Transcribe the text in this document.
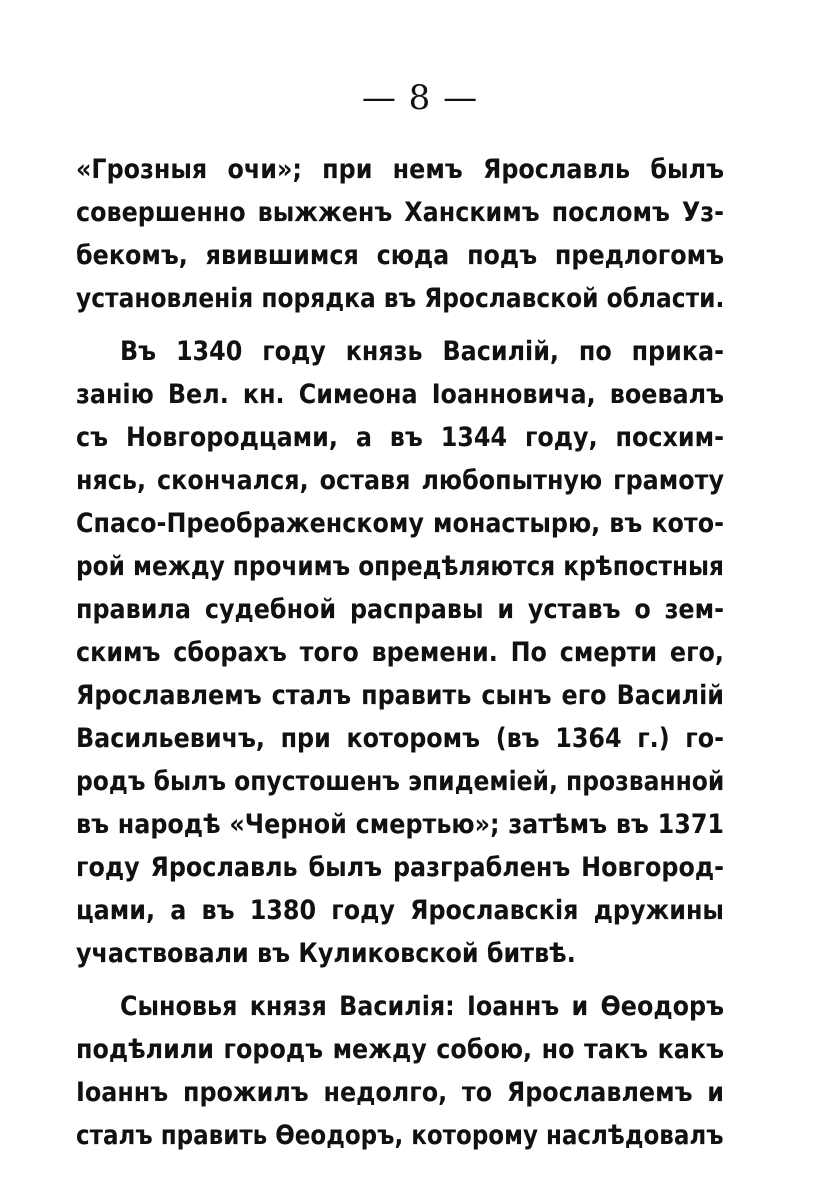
— 8 —
«Грозныя очи»; при немъ Ярославль былъ
совершенно выжженъ Ханскимъ посломъ Уз-
бекомъ, явившимся сюда подъ предлогомъ
установленія порядка въ Ярославской области.
Въ 1340 году князь Василій, по прика-
занію Вел. кн. Симеона Іоанновича, воевалъ
съ Новгородцами, а въ 1344 году, посхим-
нясь, скончался, оставя любопытную грамоту
Спасо-Преображенскому монастырю, въ кото-
рой между прочимъ опредѣляются крѣпостныя
правила судебной расправы и уставъ о зем-
скимъ сборахъ того времени. По смерти его,
Ярославлемъ сталъ править сынъ его Василій
Васильевичъ, при которомъ (въ 1364 г.) го-
родъ былъ опустошенъ эпидеміей, прозванной
въ народѣ «Черной смертью»; затѣмъ въ 1371
году Ярославль былъ разграбленъ Новгород-
цами, а въ 1380 году Ярославскія дружины
участвовали въ Куликовской битвѣ.
Сыновья князя Василія: Іоаннъ и Ѳеодоръ
подѣлили городъ между собою, но такъ какъ
Іоаннъ прожилъ недолго, то Ярославлемъ и
сталъ править Ѳеодоръ, которому наслѣдовалъ
